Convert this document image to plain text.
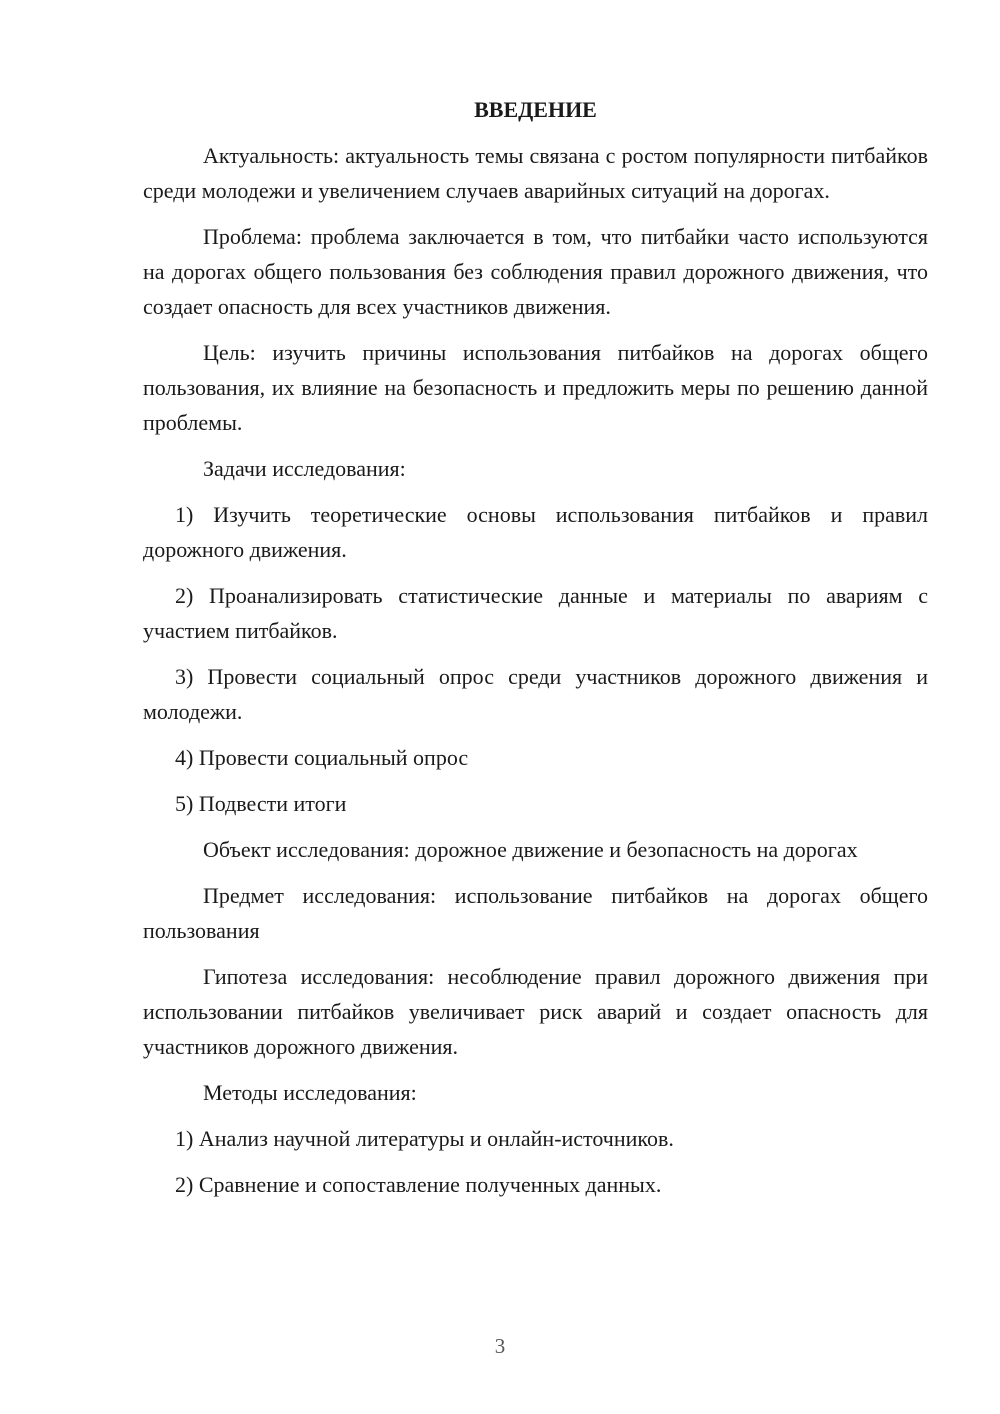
ВВЕДЕНИЕ

Актуальность: актуальность темы связана с ростом популярности питбайков среди молодежи и увеличением случаев аварийных ситуаций на дорогах.

Проблема: проблема заключается в том, что питбайки часто используются на дорогах общего пользования без соблюдения правил дорожного движения, что создает опасность для всех участников движения.

Цель: изучить причины использования питбайков на дорогах общего пользования, их влияние на безопасность и предложить меры по решению данной проблемы.

Задачи исследования:

1) Изучить теоретические основы использования питбайков и правил дорожного движения.

2) Проанализировать статистические данные и материалы по авариям с участием питбайков.

3) Провести социальный опрос среди участников дорожного движения и молодежи.

4) Провести социальный опрос

5) Подвести итоги

Объект исследования: дорожное движение и безопасность на дорогах

Предмет исследования: использование питбайков на дорогах общего пользования

Гипотеза исследования: несоблюдение правил дорожного движения при использовании питбайков увеличивает риск аварий и создает опасность для участников дорожного движения.

Методы исследования:

1) Анализ научной литературы и онлайн-источников.

2) Сравнение и сопоставление полученных данных.

3
